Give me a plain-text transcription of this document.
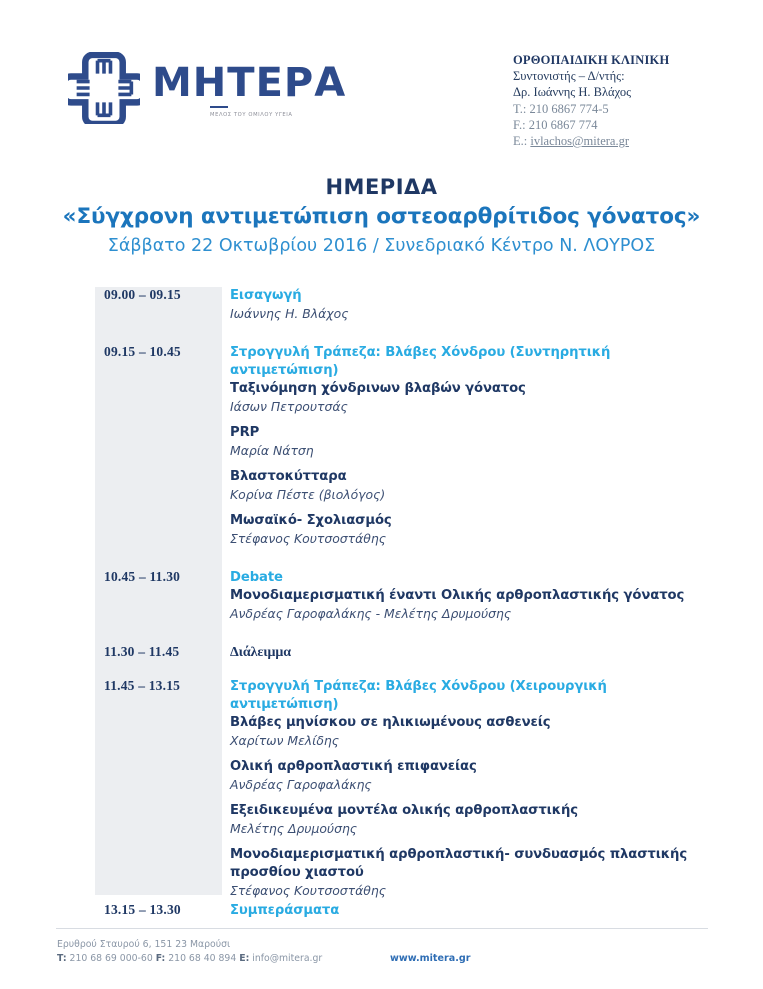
ΜΗΤΕΡΑ
ΜΕΛΟΣ ΤΟΥ ΟΜΙΛΟΥ ΥΓΕΙΑ
ΟΡΘΟΠΑΙΔΙΚΗ ΚΛΙΝΙΚΗ
Συντονιστής – Δ/ντής:
Δρ. Ιωάννης Η. Βλάχος
Τ.: 210 6867 774-5
F.: 210 6867 774
Ε.: ivlachos@mitera.gr
ΗΜΕΡΙΔΑ
«Σύγχρονη αντιμετώπιση οστεοαρθρίτιδος γόνατος»
Σάββατο 22 Οκτωβρίου 2016 / Συνεδριακό Κέντρο Ν. ΛΟΥΡΟΣ
09.00 – 09.15	Εισαγωγή
Ιωάννης Η. Βλάχος
09.15 – 10.45	Στρογγυλή Τράπεζα: Βλάβες Χόνδρου (Συντηρητική αντιμετώπιση)
Ταξινόμηση χόνδρινων βλαβών γόνατος
Ιάσων Πετρουτσάς
PRP
Μαρία Νάτση
Βλαστοκύτταρα
Κορίνα Πέστε (βιολόγος)
Μωσαϊκό- Σχολιασμός
Στέφανος Κουτσοστάθης
10.45 – 11.30	Debate
Μονοδιαμερισματική έναντι Ολικής αρθροπλαστικής γόνατος
Ανδρέας Γαροφαλάκης - Μελέτης Δρυμούσης
11.30 – 11.45	Διάλειμμα
11.45 – 13.15	Στρογγυλή Τράπεζα: Βλάβες Χόνδρου (Χειρουργική αντιμετώπιση)
Βλάβες μηνίσκου σε ηλικιωμένους ασθενείς
Χαρίτων Μελίδης
Ολική αρθροπλαστική επιφανείας
Ανδρέας Γαροφαλάκης
Εξειδικευμένα μοντέλα ολικής αρθροπλαστικής
Μελέτης Δρυμούσης
Μονοδιαμερισματική αρθροπλαστική- συνδυασμός πλαστικής προσθίου χιαστού
Στέφανος Κουτσοστάθης
13.15 – 13.30	Συμπεράσματα
Ερυθρού Σταυρού 6, 151 23 Μαρούσι
T: 210 68 69 000-60 F: 210 68 40 894 E: info@mitera.gr	www.mitera.gr
